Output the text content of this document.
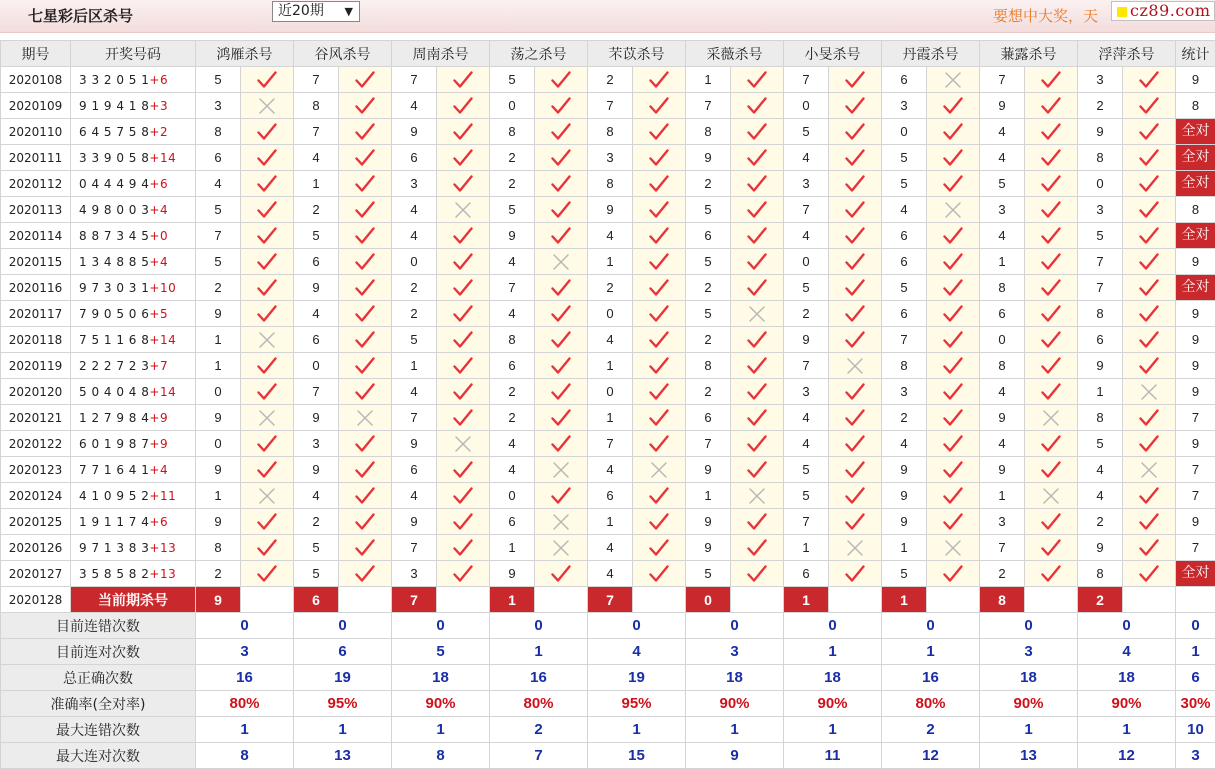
七星彩后区杀号	近20期 ▼	要想中大奖，天 cz89.com
期号	开奖号码	鸿雁杀号		谷风杀号		周南杀号		荡之杀号		芣苡杀号		采薇杀号		小旻杀号		丹霞杀号		蒹露杀号		浮萍杀号		统计
2020108	3 3 2 0 5 1+6	5		7		7		5		2		1		7		6		7		3		9
2020109	9 1 9 4 1 8+3	3		8		4		0		7		7		0		3		9		2		8
2020110	6 4 5 7 5 8+2	8		7		9		8		8		8		5		0		4		9		全对

2020111	3 3 9 0 5 8+14	6		4		6		2		3		9		4		5		4		8		全对

2020112	0 4 4 4 9 4+6	4		1		3		2		8		2		3		5		5		0		全对

2020113	4 9 8 0 0 3+4	5		2		4		5		9		5		7		4		3		3		8
2020114	8 8 7 3 4 5+0	7		5		4		9		4		6		4		6		4		5		全对

2020115	1 3 4 8 8 5+4	5		6		0		4		1		5		0		6		1		7		9
2020116	9 7 3 0 3 1+10	2		9		2		7		2		2		5		5		8		7		全对

2020117	7 9 0 5 0 6+5	9		4		2		4		0		5		2		6		6		8		9
2020118	7 5 1 1 6 8+14	1		6		5		8		4		2		9		7		0		6		9
2020119	2 2 2 7 2 3+7	1		0		1		6		1		8		7		8		8		9		9
2020120	5 0 4 0 4 8+14	0		7		4		2		0		2		3		3		4		1		9
2020121	1 2 7 9 8 4+9	9		9		7		2		1		6		4		2		9		8		7
2020122	6 0 1 9 8 7+9	0		3		9		4		7		7		4		4		4		5		9
2020123	7 7 1 6 4 1+4	9		9		6		4		4		9		5		9		9		4		7
2020124	4 1 0 9 5 2+11	1		4		4		0		6		1		5		9		1		4		7
2020125	1 9 1 1 7 4+6	9		2		9		6		1		9		7		9		3		2		9
2020126	9 7 1 3 8 3+13	8		5		7		1		4		9		1		1		7		9		7
2020127	3 5 8 5 8 2+13	2		5		3		9		4		5		6		5		2		8		全对

2020128	当前期杀号	9		6		7		1		7		0		1		1		8		2		
目前连错次数		0		0		0		0		0		0		0		0		0		0		0
目前连对次数		3		6		5		1		4		3		1		1		3		4		1
总正确次数		16		19		18		16		19		18		18		16		18		18		6
准确率(全对率)		80%		95%		90%		80%		95%		90%		90%		80%		90%		90%		30%
最大连错次数		1		1		1		2		1		1		1		2		1		1		10
最大连对次数		8		13		8		7		15		9		11		12		13		12		3
